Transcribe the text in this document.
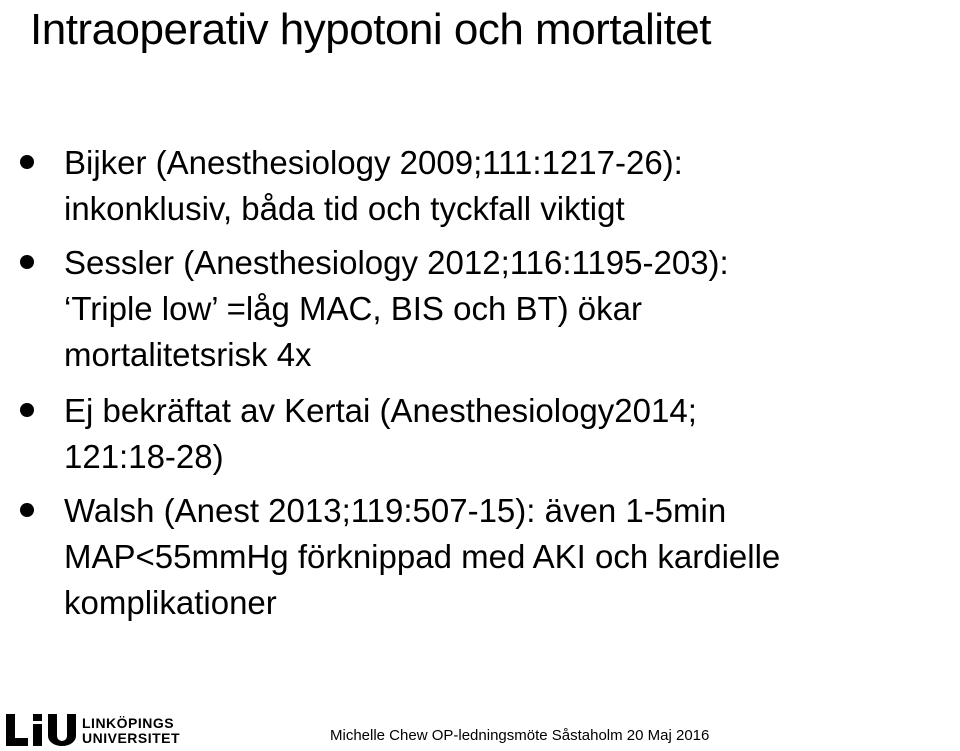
Intraoperativ hypotoni och mortalitet
Bijker (Anesthesiology 2009;111:1217-26):
inkonklusiv, båda tid och tyckfall viktigt
Sessler (Anesthesiology 2012;116:1195-203):
‘Triple low’ =låg MAC, BIS och BT) ökar
mortalitetsrisk 4x
Ej bekräftat av Kertai (Anesthesiology2014;
121:18-28)
Walsh (Anest 2013;119:507-15): även 1-5min
MAP<55mmHg förknippad med AKI och kardielle
komplikationer
LINKÖPINGS
UNIVERSITET	Michelle Chew OP-ledningsmöte Såstaholm 20 Maj 2016
